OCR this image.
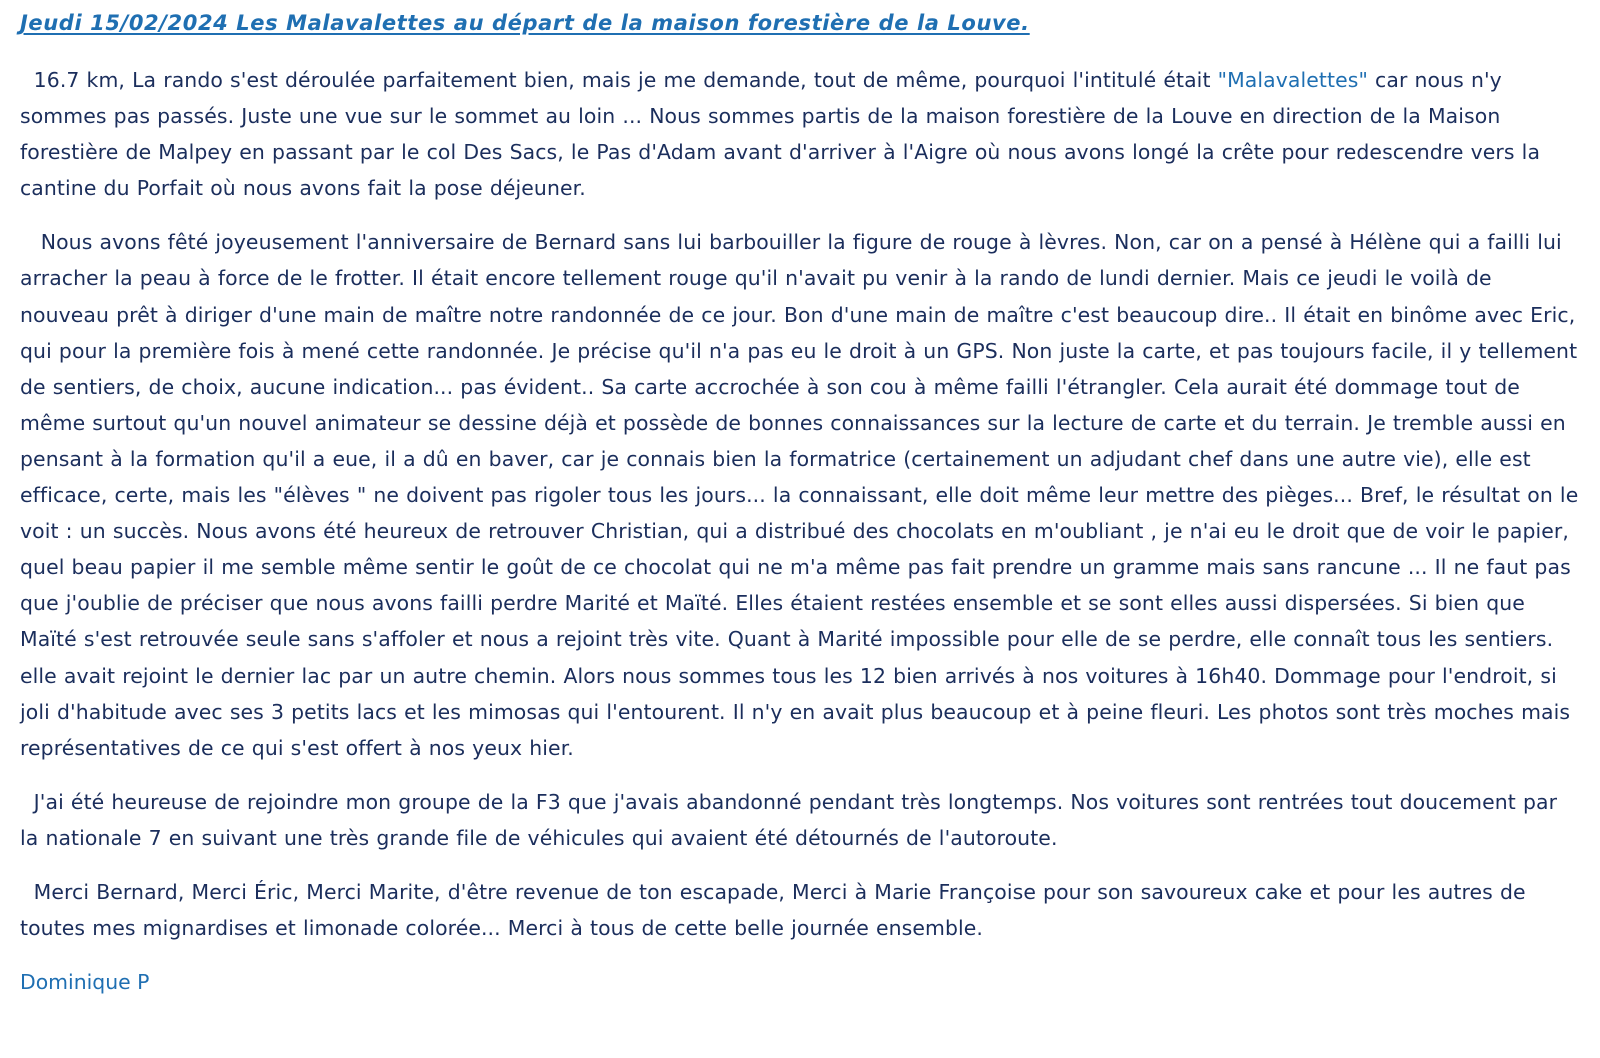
Jeudi 15/02/2024 Les Malavalettes au départ de la maison forestière de la Louve.

16.7 km, La rando s'est déroulée parfaitement bien, mais je me demande, tout de même, pourquoi l'intitulé était "Malavalettes" car nous n'y sommes pas passés. Juste une vue sur le sommet au loin ... Nous sommes partis de la maison forestière de la Louve en direction de la Maison forestière de Malpey en passant par le col Des Sacs, le Pas d'Adam avant d'arriver à l'Aigre où nous avons longé la crête pour redescendre vers la cantine du Porfait où nous avons fait la pose déjeuner.

Nous avons fêté joyeusement l'anniversaire de Bernard sans lui barbouiller la figure de rouge à lèvres. Non, car on a pensé à Hélène qui a failli lui arracher la peau à force de le frotter. Il était encore tellement rouge qu'il n'avait pu venir à la rando de lundi dernier. Mais ce jeudi le voilà de nouveau prêt à diriger d'une main de maître notre randonnée de ce jour. Bon d'une main de maître c'est beaucoup dire.. Il était en binôme avec Eric, qui pour la première fois à mené cette randonnée. Je précise qu'il n'a pas eu le droit à un GPS. Non juste la carte, et pas toujours facile, il y tellement de sentiers, de choix, aucune indication... pas évident.. Sa carte accrochée à son cou à même failli l'étrangler. Cela aurait été dommage tout de même surtout qu'un nouvel animateur se dessine déjà et possède de bonnes connaissances sur la lecture de carte et du terrain. Je tremble aussi en pensant à la formation qu'il a eue, il a dû en baver, car je connais bien la formatrice (certainement un adjudant chef dans une autre vie), elle est efficace, certe, mais les "élèves " ne doivent pas rigoler tous les jours... la connaissant, elle doit même leur mettre des pièges... Bref, le résultat on le voit : un succès. Nous avons été heureux de retrouver Christian, qui a distribué des chocolats en m'oubliant , je n'ai eu le droit que de voir le papier, quel beau papier il me semble même sentir le goût de ce chocolat qui ne m'a même pas fait prendre un gramme mais sans rancune ... Il ne faut pas que j'oublie de préciser que nous avons failli perdre Marité et Maïté. Elles étaient restées ensemble et se sont elles aussi dispersées. Si bien que Maïté s'est retrouvée seule sans s'affoler et nous a rejoint très vite. Quant à Marité impossible pour elle de se perdre, elle connaît tous les sentiers. elle avait rejoint le dernier lac par un autre chemin. Alors nous sommes tous les 12 bien arrivés à nos voitures à 16h40. Dommage pour l'endroit, si joli d'habitude avec ses 3 petits lacs et les mimosas qui l'entourent. Il n'y en avait plus beaucoup et à peine fleuri. Les photos sont très moches mais représentatives de ce qui s'est offert à nos yeux hier.

J'ai été heureuse de rejoindre mon groupe de la F3 que j'avais abandonné pendant très longtemps. Nos voitures sont rentrées tout doucement par la nationale 7 en suivant une très grande file de véhicules qui avaient été détournés de l'autoroute.

Merci Bernard, Merci Éric, Merci Marite, d'être revenue de ton escapade, Merci à Marie Françoise pour son savoureux cake et pour les autres de toutes mes mignardises et limonade colorée... Merci à tous de cette belle journée ensemble.

Dominique P
